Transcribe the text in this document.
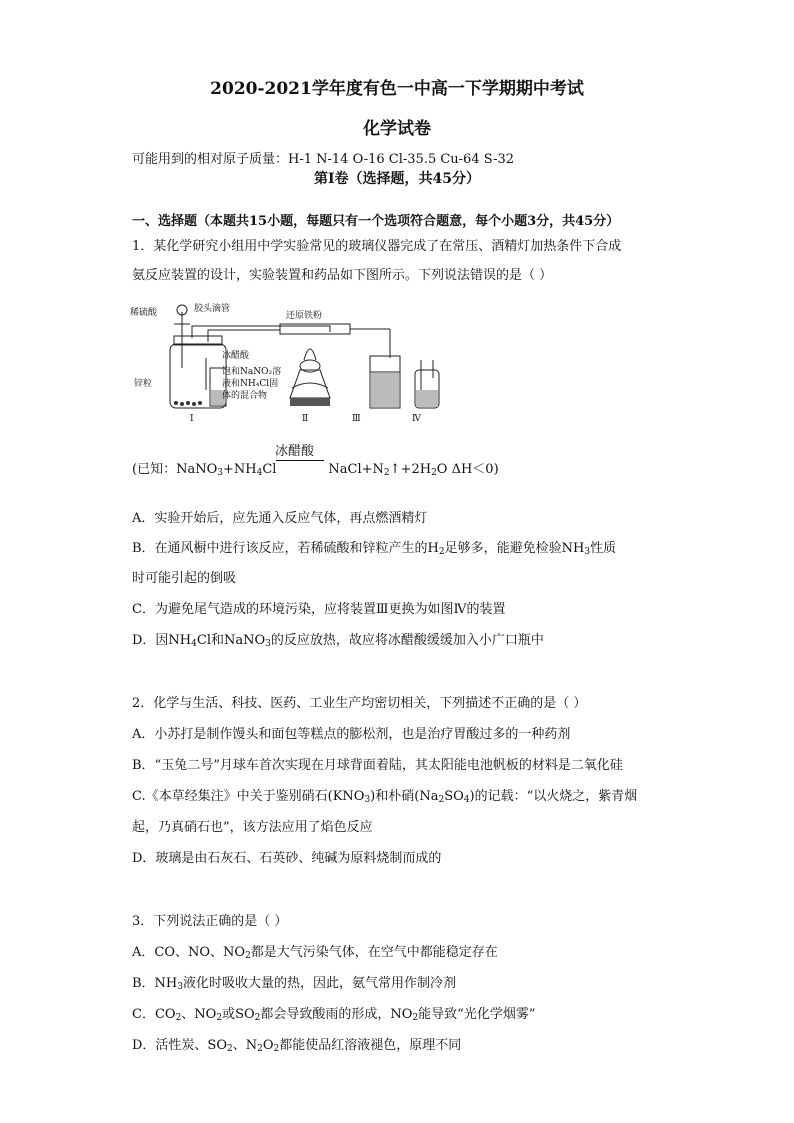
2020-2021学年度有色一中高一下学期期中考试
化学试卷
可能用到的相对原子质量：H-1 N-14 O-16 Cl-35.5 Cu-64 S-32
第Ⅰ卷（选择题，共45分）
一、选择题（本题共15小题，每题只有一个选项符合题意，每个小题3分，共45分）
1．某化学研究小组用中学实验常见的玻璃仪器完成了在常压、酒精灯加热条件下合成
氨反应装置的设计，实验装置和药品如下图所示。下列说法错误的是（ ）
稀硫酸	胶头滴管
还原铁粉
冰醋酸
饱和NaNO₂溶
液和NH₄Cl固
体的混合物
锌粒
Ⅰ	Ⅱ	Ⅲ	Ⅳ
冰醋酸
(已知：$NaNO_3+NH_4Cl$	$NaCl+N_2↑+2H_2O$ ΔH＜0)
A．实验开始后，应先通入反应气体，再点燃酒精灯
B．在通风橱中进行该反应，若稀硫酸和锌粒产生的$H_2$足够多，能避免检验$NH_3$性质
时可能引起的倒吸
C．为避免尾气造成的环境污染，应将装置Ⅲ更换为如图Ⅳ的装置
D．因$NH_4Cl$和NaNO$_3$的反应放热，故应将冰醋酸缓缓加入小广口瓶中
2．化学与生活、科技、医药、工业生产均密切相关，下列描述不正确的是（ ）
A．小苏打是制作馒头和面包等糕点的膨松剂，也是治疗胃酸过多的一种药剂
B．“玉兔二号”月球车首次实现在月球背面着陆，其太阳能电池帆板的材料是二氧化硅
C.《本草经集注》中关于鉴别硝石$(KNO_3)$和朴硝$(Na_2SO_4)$的记载：“以火烧之，紫青烟
起，乃真硝石也”，该方法应用了焰色反应
D．玻璃是由石灰石、石英砂、纯碱为原料烧制而成的
3．下列说法正确的是（ ）
A．CO、NO、$NO_2$都是大气污染气体，在空气中都能稳定存在
B．$NH_3$液化时吸收大量的热，因此，氨气常用作制冷剂
C．$CO_2$、$NO_2$或$SO_2$都会导致酸雨的形成，$NO_2$能导致“光化学烟雾”
D．活性炭、$SO_2$、$N_2O_2$都能使品红溶液褪色，原理不同
